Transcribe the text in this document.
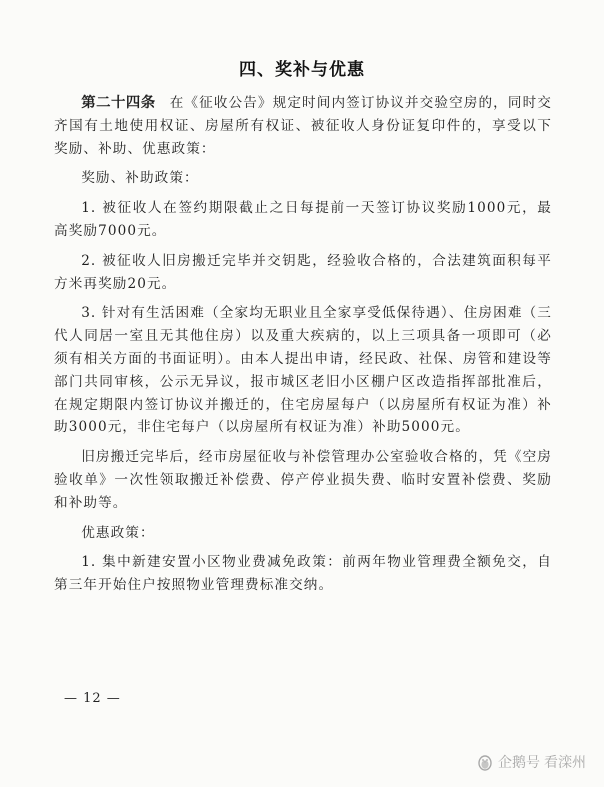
四、奖补与优惠

第二十四条 在《征收公告》规定时间内签订协议并交验空房的，同时交齐国有土地使用权证、房屋所有权证、被征收人身份证复印件的，享受以下奖励、补助、优惠政策：

奖励、补助政策：

1. 被征收人在签约期限截止之日每提前一天签订协议奖励1000元，最高奖励7000元。

2. 被征收人旧房搬迁完毕并交钥匙，经验收合格的，合法建筑面积每平方米再奖励20元。

3. 针对有生活困难（全家均无职业且全家享受低保待遇）、住房困难（三代人同居一室且无其他住房）以及重大疾病的，以上三项具备一项即可（必须有相关方面的书面证明）。由本人提出申请，经民政、社保、房管和建设等部门共同审核，公示无异议，报市城区老旧小区棚户区改造指挥部批准后，在规定期限内签订协议并搬迁的，住宅房屋每户（以房屋所有权证为准）补助3000元，非住宅每户（以房屋所有权证为准）补助5000元。

旧房搬迁完毕后，经市房屋征收与补偿管理办公室验收合格的，凭《空房验收单》一次性领取搬迁补偿费、停产停业损失费、临时安置补偿费、奖励和补助等。

优惠政策：

1. 集中新建安置小区物业费减免政策：前两年物业管理费全额免交，自第三年开始住户按照物业管理费标准交纳。

— 12 —
企鹅号 看滦州
